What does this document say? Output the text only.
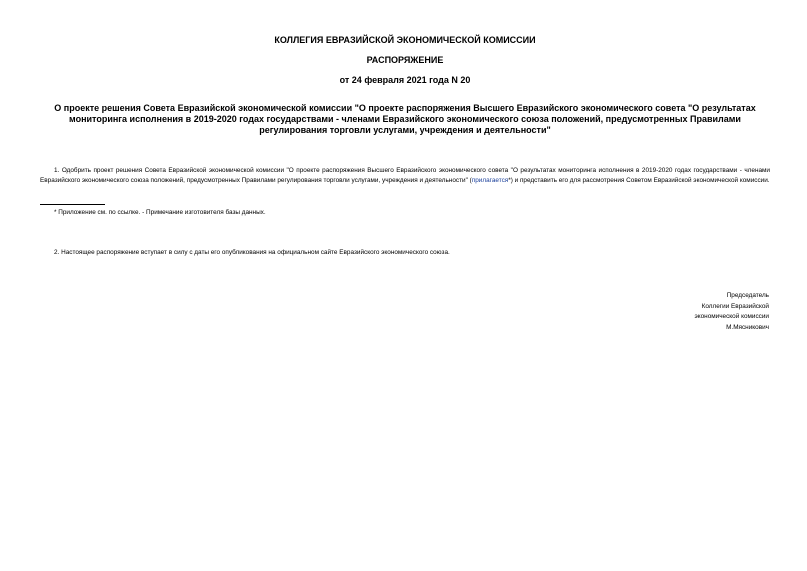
КОЛЛЕГИЯ ЕВРАЗИЙСКОЙ ЭКОНОМИЧЕСКОЙ КОМИССИИ
РАСПОРЯЖЕНИЕ
от 24 февраля 2021 года N 20
О проекте решения Совета Евразийской экономической комиссии "О проекте распоряжения Высшего Евразийского экономического совета "О результатах мониторинга исполнения в 2019-2020 годах государствами - членами Евразийского экономического союза положений, предусмотренных Правилами регулирования торговли услугами, учреждения и деятельности"
1. Одобрить проект решения Совета Евразийской экономической комиссии "О проекте распоряжения Высшего Евразийского экономического совета "О результатах мониторинга исполнения в 2019-2020 годах государствами - членами Евразийского экономического союза положений, предусмотренных Правилами регулирования торговли услугами, учреждения и деятельности" (прилагается*) и представить его для рассмотрения Советом Евразийской экономической комиссии.
* Приложение см. по ссылке. - Примечание изготовителя базы данных.
2. Настоящее распоряжение вступает в силу с даты его опубликования на официальном сайте Евразийского экономического союза.
Председатель
Коллегии Евразийской
экономической комиссии
М.Мясникович
